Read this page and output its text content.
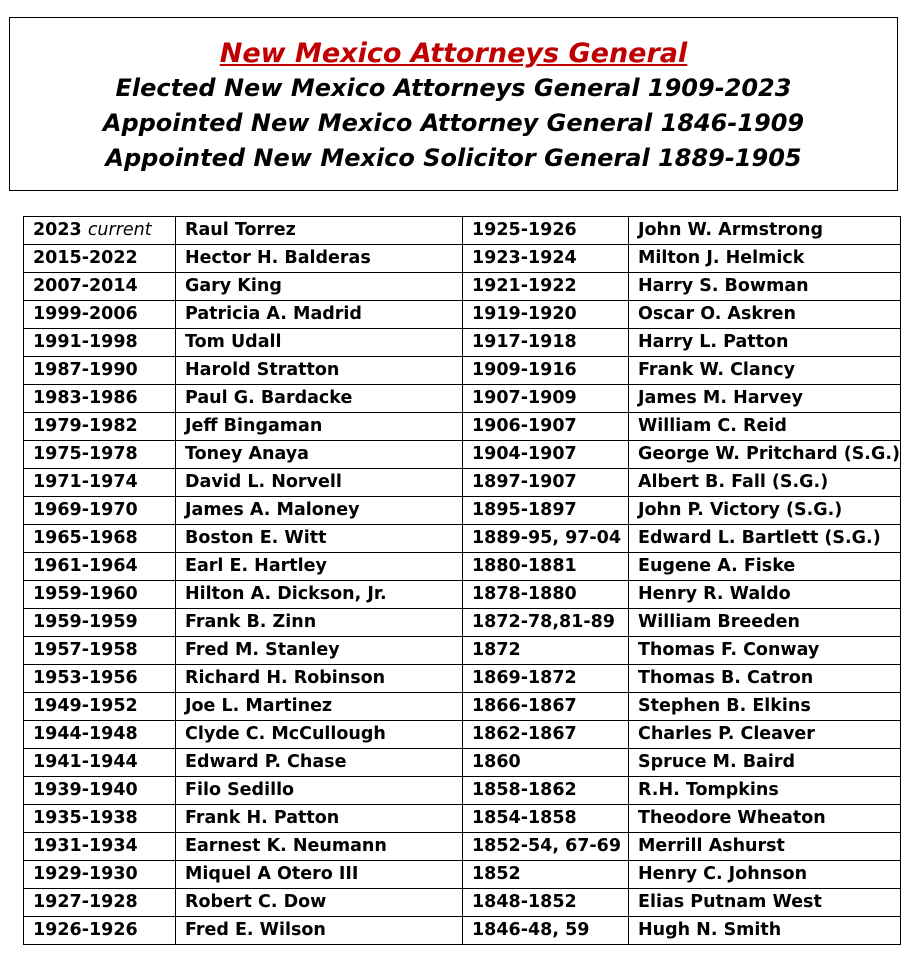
New Mexico Attorneys General
Elected New Mexico Attorneys General 1909-2023
Appointed New Mexico Attorney General 1846-1909
Appointed New Mexico Solicitor General 1889-1905
2023 current	Raul Torrez	1925-1926	John W. Armstrong
2015-2022	Hector H. Balderas	1923-1924	Milton J. Helmick
2007-2014	Gary King	1921-1922	Harry S. Bowman
1999-2006	Patricia A. Madrid	1919-1920	Oscar O. Askren
1991-1998	Tom Udall	1917-1918	Harry L. Patton
1987-1990	Harold Stratton	1909-1916	Frank W. Clancy
1983-1986	Paul G. Bardacke	1907-1909	James M. Harvey
1979-1982	Jeff Bingaman	1906-1907	William C. Reid
1975-1978	Toney Anaya	1904-1907	George W. Pritchard (S.G.)
1971-1974	David L. Norvell	1897-1907	Albert B. Fall (S.G.)
1969-1970	James A. Maloney	1895-1897	John P. Victory (S.G.)
1965-1968	Boston E. Witt	1889-95, 97-04	Edward L. Bartlett (S.G.)
1961-1964	Earl E. Hartley	1880-1881	Eugene A. Fiske
1959-1960	Hilton A. Dickson, Jr.	1878-1880	Henry R. Waldo
1959-1959	Frank B. Zinn	1872-78,81-89	William Breeden
1957-1958	Fred M. Stanley	1872	Thomas F. Conway
1953-1956	Richard H. Robinson	1869-1872	Thomas B. Catron
1949-1952	Joe L. Martinez	1866-1867	Stephen B. Elkins
1944-1948	Clyde C. McCullough	1862-1867	Charles P. Cleaver
1941-1944	Edward P. Chase	1860	Spruce M. Baird
1939-1940	Filo Sedillo	1858-1862	R.H. Tompkins
1935-1938	Frank H. Patton	1854-1858	Theodore Wheaton
1931-1934	Earnest K. Neumann	1852-54, 67-69	Merrill Ashurst
1929-1930	Miquel A Otero III	1852	Henry C. Johnson
1927-1928	Robert C. Dow	1848-1852	Elias Putnam West
1926-1926	Fred E. Wilson	1846-48, 59	Hugh N. Smith
